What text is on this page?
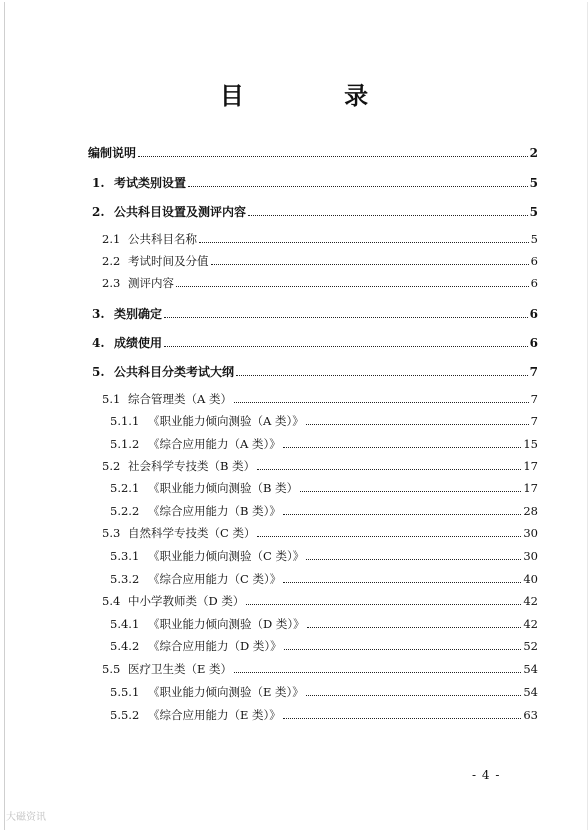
目 录
编制说明	2
1. 考试类别设置	5
2. 公共科目设置及测评内容	5
2.1 公共科目名称	5
2.2 考试时间及分值	6
2.3 测评内容	6
3. 类别确定	6
4. 成绩使用	6
5. 公共科目分类考试大纲	7
5.1 综合管理类（A 类）	7
5.1.1 《职业能力倾向测验（A 类）》	7
5.1.2 《综合应用能力（A 类）》	15
5.2 社会科学专技类（B 类）	17
5.2.1 《职业能力倾向测验（B 类）	17
5.2.2 《综合应用能力（B 类）》	28
5.3 自然科学专技类（C 类）	30
5.3.1 《职业能力倾向测验（C 类）》	30
5.3.2 《综合应用能力（C 类）》	40
5.4 中小学教师类（D 类）	42
5.4.1 《职业能力倾向测验（D 类）》	42
5.4.2 《综合应用能力（D 类）》	52
5.5 医疗卫生类（E 类）	54
5.5.1 《职业能力倾向测验（E 类）》	54
5.5.2 《综合应用能力（E 类）》	63
- 4 -
大磁资讯
